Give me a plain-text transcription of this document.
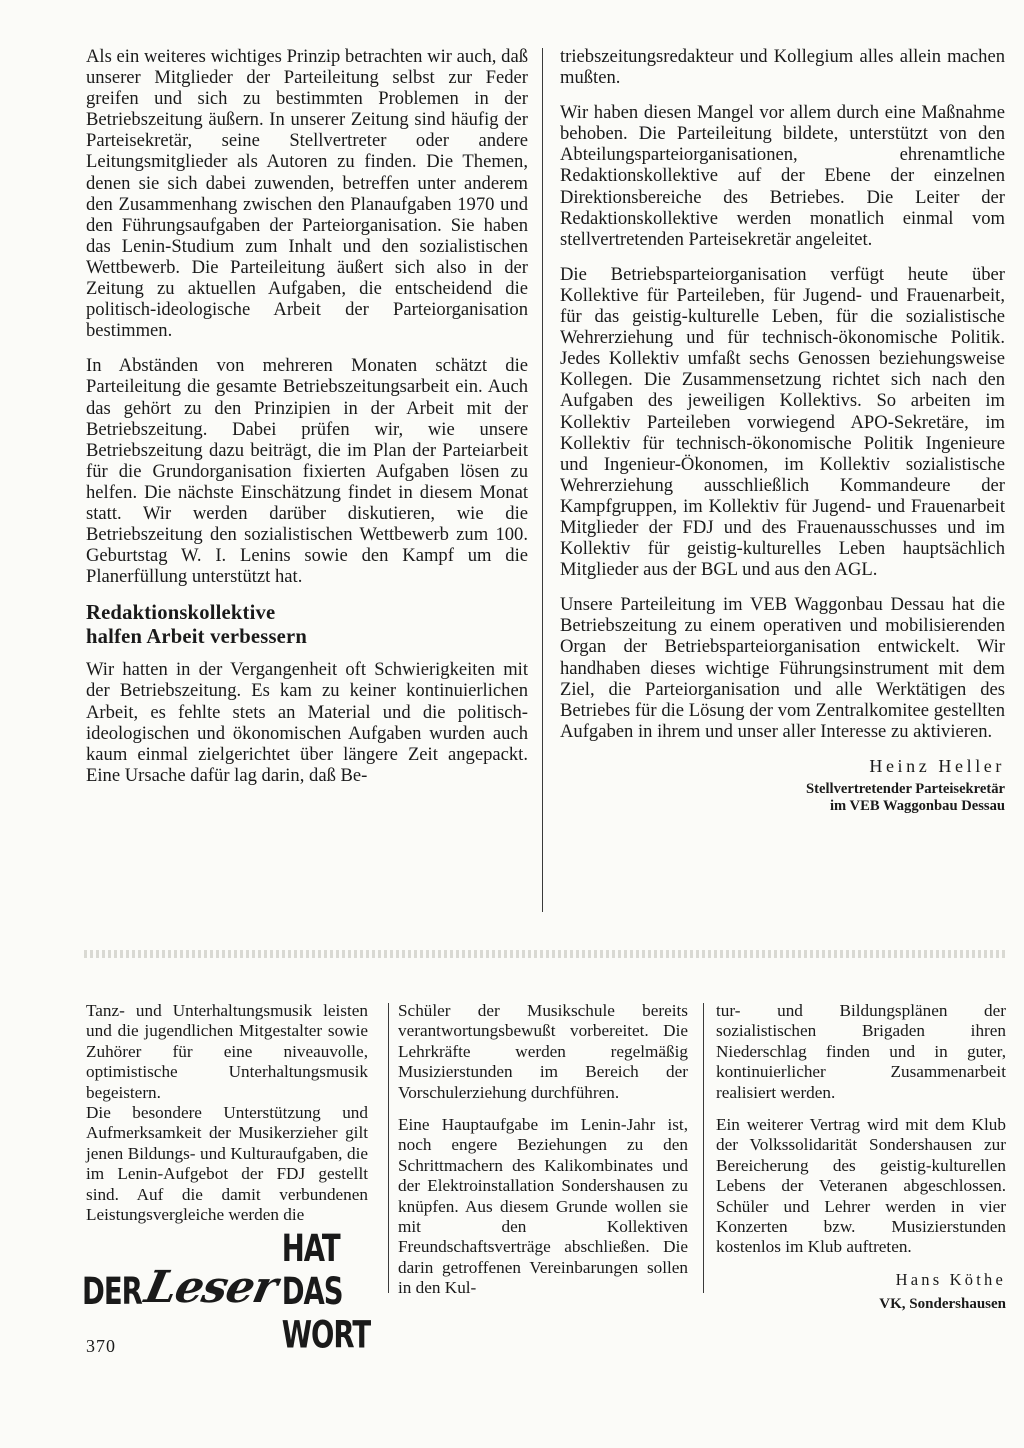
Als ein weiteres wichtiges Prinzip betrachten wir auch, daß unserer Mitglieder der Parteileitung selbst zur Feder greifen und sich zu bestimmten Problemen in der Betriebszeitung äußern. In unserer Zeitung sind häufig der Parteisekretär, seine Stellvertreter oder andere Leitungsmitglieder als Autoren zu finden. Die Themen, denen sie sich dabei zuwenden, betreffen unter anderem den Zusammenhang zwischen den Planaufgaben 1970 und den Führungsaufgaben der Parteiorganisation. Sie haben das Lenin-Studium zum Inhalt und den sozialistischen Wettbewerb. Die Parteileitung äußert sich also in der Zeitung zu aktuellen Aufgaben, die entscheidend die politisch-ideologische Arbeit der Parteiorganisation bestimmen.

In Abständen von mehreren Monaten schätzt die Parteileitung die gesamte Betriebszeitungsarbeit ein. Auch das gehört zu den Prinzipien in der Arbeit mit der Betriebszeitung. Dabei prüfen wir, wie unsere Betriebszeitung dazu beiträgt, die im Plan der Parteiarbeit für die Grundorganisation fixierten Aufgaben lösen zu helfen. Die nächste Einschätzung findet in diesem Monat statt. Wir werden darüber diskutieren, wie die Betriebszeitung den sozialistischen Wettbewerb zum 100. Geburtstag W. I. Lenins sowie den Kampf um die Planerfüllung unterstützt hat.

Redaktionskollektive
halfen Arbeit verbessern

Wir hatten in der Vergangenheit oft Schwierigkeiten mit der Betriebszeitung. Es kam zu keiner kontinuierlichen Arbeit, es fehlte stets an Material und die politisch-ideologischen und ökonomischen Aufgaben wurden auch kaum einmal zielgerichtet über längere Zeit angepackt. Eine Ursache dafür lag darin, daß Be-

triebszeitungsredakteur und Kollegium alles allein machen mußten.

Wir haben diesen Mangel vor allem durch eine Maßnahme behoben. Die Parteileitung bildete, unterstützt von den Abteilungsparteiorganisationen, ehrenamtliche Redaktionskollektive auf der Ebene der einzelnen Direktionsbereiche des Betriebes. Die Leiter der Redaktionskollektive werden monatlich einmal vom stellvertretenden Parteisekretär angeleitet.

Die Betriebsparteiorganisation verfügt heute über Kollektive für Parteileben, für Jugend- und Frauenarbeit, für das geistig-kulturelle Leben, für die sozialistische Wehrerziehung und für technisch-ökonomische Politik. Jedes Kollektiv umfaßt sechs Genossen beziehungsweise Kollegen. Die Zusammensetzung richtet sich nach den Aufgaben des jeweiligen Kollektivs. So arbeiten im Kollektiv Parteileben vorwiegend APO-Sekretäre, im Kollektiv für technisch-ökonomische Politik Ingenieure und Ingenieur-Ökonomen, im Kollektiv sozialistische Wehrerziehung ausschließlich Kommandeure der Kampfgruppen, im Kollektiv für Jugend- und Frauenarbeit Mitglieder der FDJ und des Frauenausschusses und im Kollektiv für geistig-kulturelles Leben hauptsächlich Mitglieder aus der BGL und aus den AGL.

Unsere Parteileitung im VEB Waggonbau Dessau hat die Betriebszeitung zu einem operativen und mobilisierenden Organ der Betriebsparteiorganisation entwickelt. Wir handhaben dieses wichtige Führungsinstrument mit dem Ziel, die Parteiorganisation und alle Werktätigen des Betriebes für die Lösung der vom Zentralkomitee gestellten Aufgaben in ihrem und unser aller Interesse zu aktivieren.

Heinz Heller
Stellvertretender Parteisekretär
im VEB Waggonbau Dessau

Tanz- und Unterhaltungsmusik leisten und die jugendlichen Mitgestalter sowie Zuhörer für eine niveauvolle, optimistische Unterhaltungsmusik begeistern.

Die besondere Unterstützung und Aufmerksamkeit der Musikerzieher gilt jenen Bildungs- und Kulturaufgaben, die im Lenin-Aufgebot der FDJ gestellt sind. Auf die damit verbundenen Leistungsvergleiche werden die

Schüler der Musikschule bereits verantwortungsbewußt vorbereitet. Die Lehrkräfte werden regelmäßig Musizierstunden im Bereich der Vorschulerziehung durchführen.

Eine Hauptaufgabe im Lenin-Jahr ist, noch engere Beziehungen zu den Schrittmachern des Kalikombinates und der Elektroinstallation Sondershausen zu knüpfen. Aus diesem Grunde wollen sie mit den Kollektiven Freundschaftsverträge abschließen. Die darin getroffenen Vereinbarungen sollen in den Kul-

tur- und Bildungsplänen der sozialistischen Brigaden ihren Niederschlag finden und in guter, kontinuierlicher Zusammenarbeit realisiert werden.

Ein weiterer Vertrag wird mit dem Klub der Volkssolidarität Sondershausen zur Bereicherung des geistig-kulturellen Lebens der Veteranen abgeschlossen. Schüler und Lehrer werden in vier Konzerten bzw. Musizierstunden kostenlos im Klub auftreten.

Hans Köthe
VK, Sondershausen
DER
Leser
HAT DAS WORT
370
